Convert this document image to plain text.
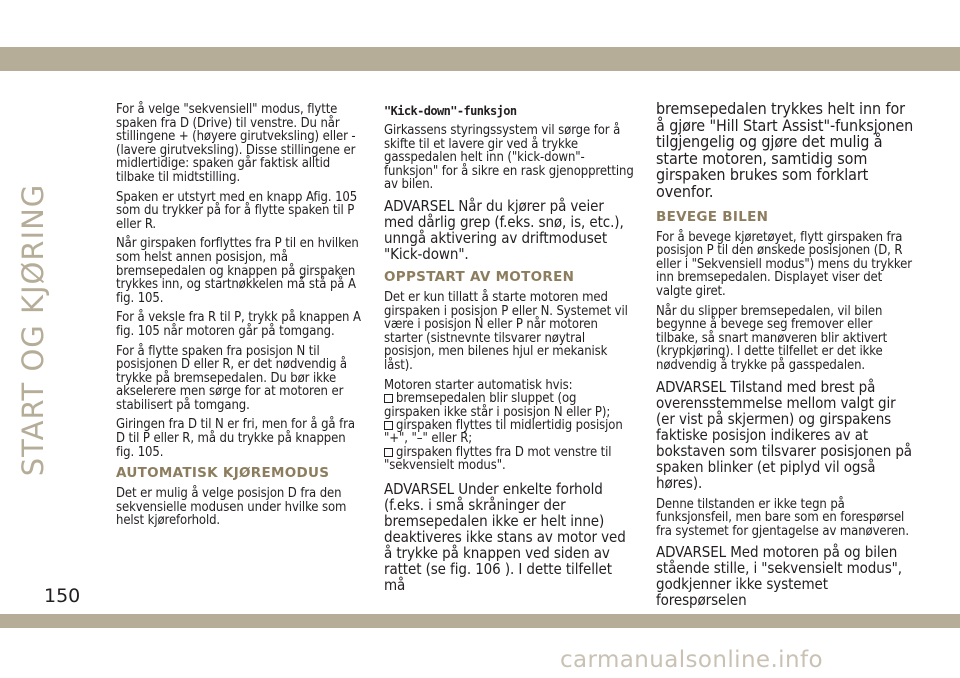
START OG KJØRING

For å velge "sekvensiell" modus, flytte spaken fra D (Drive) til venstre. Du når stillingene + (høyere girutveksling) eller - (lavere girutveksling). Disse stillingene er midlertidige: spaken går faktisk alltid tilbake til midtstilling.

Spaken er utstyrt med en knapp Afig. 105 som du trykker på for å flytte spaken til P eller R.

Når girspaken forflyttes fra P til en hvilken som helst annen posisjon, må bremsepedalen og knappen på girspaken trykkes inn, og startnøkkelen må stå på A fig. 105.

For å veksle fra R til P, trykk på knappen A fig. 105 når motoren går på tomgang.

For å flytte spaken fra posisjon N til posisjonen D eller R, er det nødvendig å trykke på bremsepedalen. Du bør ikke akselerere men sørge for at motoren er stabilisert på tomgang.

Giringen fra D til N er fri, men for å gå fra D til P eller R, må du trykke på knappen fig. 105.

AUTOMATISK KJØREMODUS

Det er mulig å velge posisjon D fra den sekvensielle modusen under hvilke som helst kjøreforhold.

"Kick-down"-funksjon

Girkassens styringssystem vil sørge for å skifte til et lavere gir ved å trykke gasspedalen helt inn ("kick-down"-funksjon" for å sikre en rask gjenoppretting av bilen.

ADVARSEL Når du kjører på veier med dårlig grep (f.eks. snø, is, etc.), unngå aktivering av driftmoduset "Kick-down".

OPPSTART AV MOTOREN

Det er kun tillatt å starte motoren med girspaken i posisjon P eller N. Systemet vil være i posisjon N eller P når motoren starter (sistnevnte tilsvarer nøytral posisjon, men bilenes hjul er mekanisk låst).

Motoren starter automatisk hvis:

bremsepedalen blir sluppet (og girspaken ikke står i posisjon N eller P);

girspaken flyttes til midlertidig posisjon "+", "–" eller R;

girspaken flyttes fra D mot venstre til "sekvensielt modus".

ADVARSEL Under enkelte forhold (f.eks. i små skråninger der bremsepedalen ikke er helt inne) deaktiveres ikke stans av motor ved å trykke på knappen ved siden av rattet (se fig. 106 ). I dette tilfellet må

bremsepedalen trykkes helt inn for å gjøre "Hill Start Assist"-funksjonen tilgjengelig og gjøre det mulig å starte motoren, samtidig som girspaken brukes som forklart ovenfor.

BEVEGE BILEN

For å bevege kjøretøyet, flytt girspaken fra posisjon P til den ønskede posisjonen (D, R eller i "Sekvensiell modus") mens du trykker inn bremsepedalen. Displayet viser det valgte giret.

Når du slipper bremsepedalen, vil bilen begynne å bevege seg fremover eller tilbake, så snart manøveren blir aktivert (krypkjøring). I dette tilfellet er det ikke nødvendig å trykke på gasspedalen.

ADVARSEL Tilstand med brest på overensstemmelse mellom valgt gir (er vist på skjermen) og girspakens faktiske posisjon indikeres av at bokstaven som tilsvarer posisjonen på spaken blinker (et piplyd vil også høres).

Denne tilstanden er ikke tegn på funksjonsfeil, men bare som en forespørsel fra systemet for gjentagelse av manøveren.

ADVARSEL Med motoren på og bilen stående stille, i "sekvensielt modus", godkjenner ikke systemet forespørselen

150
carmanualsonline.info
